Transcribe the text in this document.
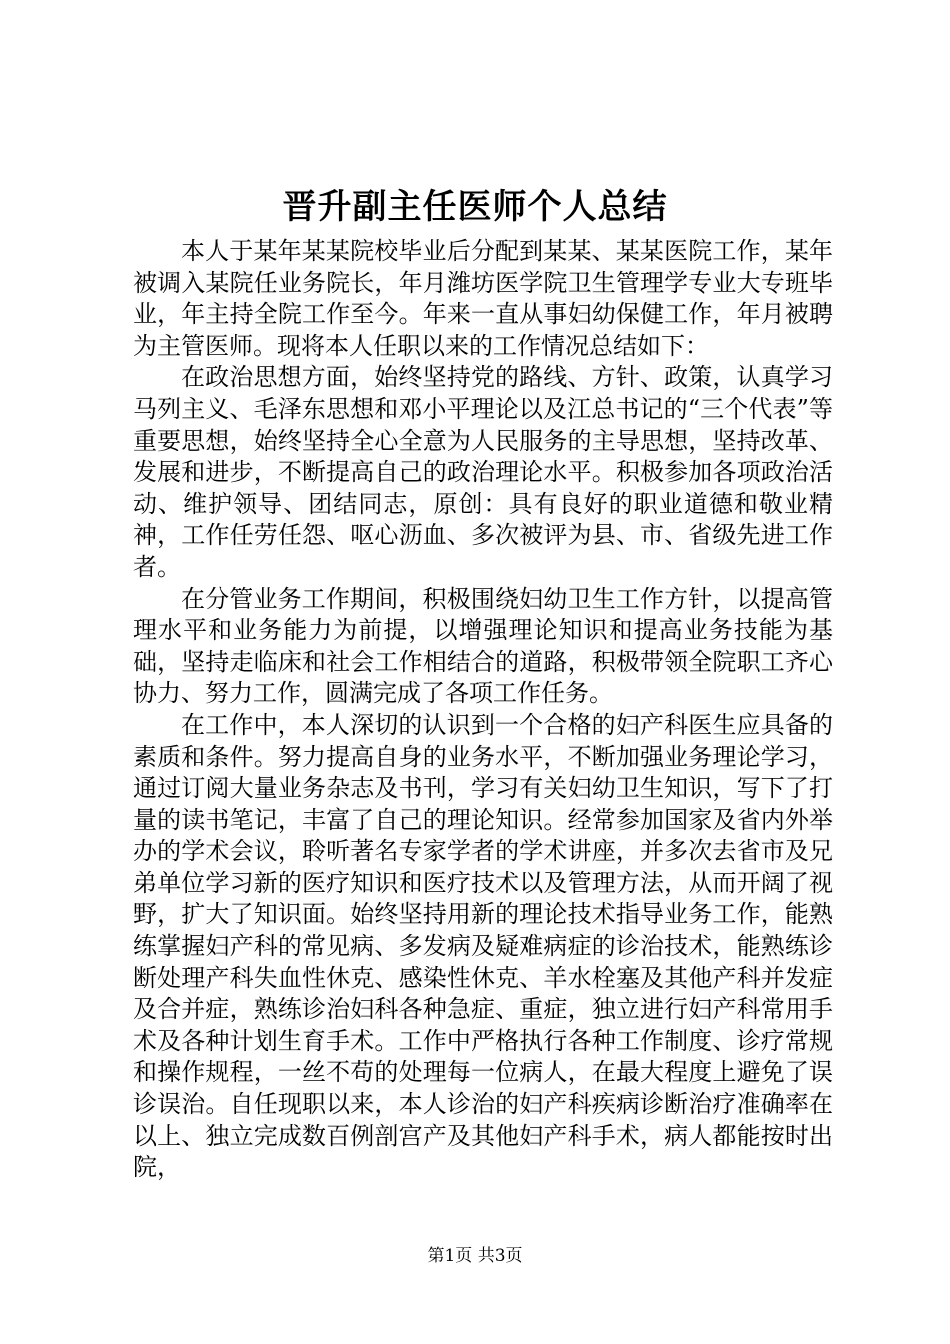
晋升副主任医师个人总结

本人于某年某某院校毕业后分配到某某、某某医院工作，某年被调入某院任业务院长，年月潍坊医学院卫生管理学专业大专班毕业，年主持全院工作至今。年来一直从事妇幼保健工作，年月被聘为主管医师。现将本人任职以来的工作情况总结如下：

在政治思想方面，始终坚持党的路线、方针、政策，认真学习马列主义、毛泽东思想和邓小平理论以及江总书记的“三个代表”等重要思想，始终坚持全心全意为人民服务的主导思想，坚持改革、发展和进步，不断提高自己的政治理论水平。积极参加各项政治活动、维护领导、团结同志，原创：具有良好的职业道德和敬业精神，工作任劳任怨、呕心沥血、多次被评为县、市、省级先进工作者。

在分管业务工作期间，积极围绕妇幼卫生工作方针，以提高管理水平和业务能力为前提，以增强理论知识和提高业务技能为基础，坚持走临床和社会工作相结合的道路，积极带领全院职工齐心协力、努力工作，圆满完成了各项工作任务。

在工作中，本人深切的认识到一个合格的妇产科医生应具备的素质和条件。努力提高自身的业务水平，不断加强业务理论学习，通过订阅大量业务杂志及书刊，学习有关妇幼卫生知识，写下了打量的读书笔记，丰富了自己的理论知识。经常参加国家及省内外举办的学术会议，聆听著名专家学者的学术讲座，并多次去省市及兄弟单位学习新的医疗知识和医疗技术以及管理方法，从而开阔了视野，扩大了知识面。始终坚持用新的理论技术指导业务工作，能熟练掌握妇产科的常见病、多发病及疑难病症的诊治技术，能熟练诊断处理产科失血性休克、感染性休克、羊水栓塞及其他产科并发症及合并症，熟练诊治妇科各种急症、重症，独立进行妇产科常用手术及各种计划生育手术。工作中严格执行各种工作制度、诊疗常规和操作规程，一丝不苟的处理每一位病人，在最大程度上避免了误诊误治。自任现职以来，本人诊治的妇产科疾病诊断治疗准确率在以上、独立完成数百例剖宫产及其他妇产科手术，病人都能按时出院，

第1页 共3页
